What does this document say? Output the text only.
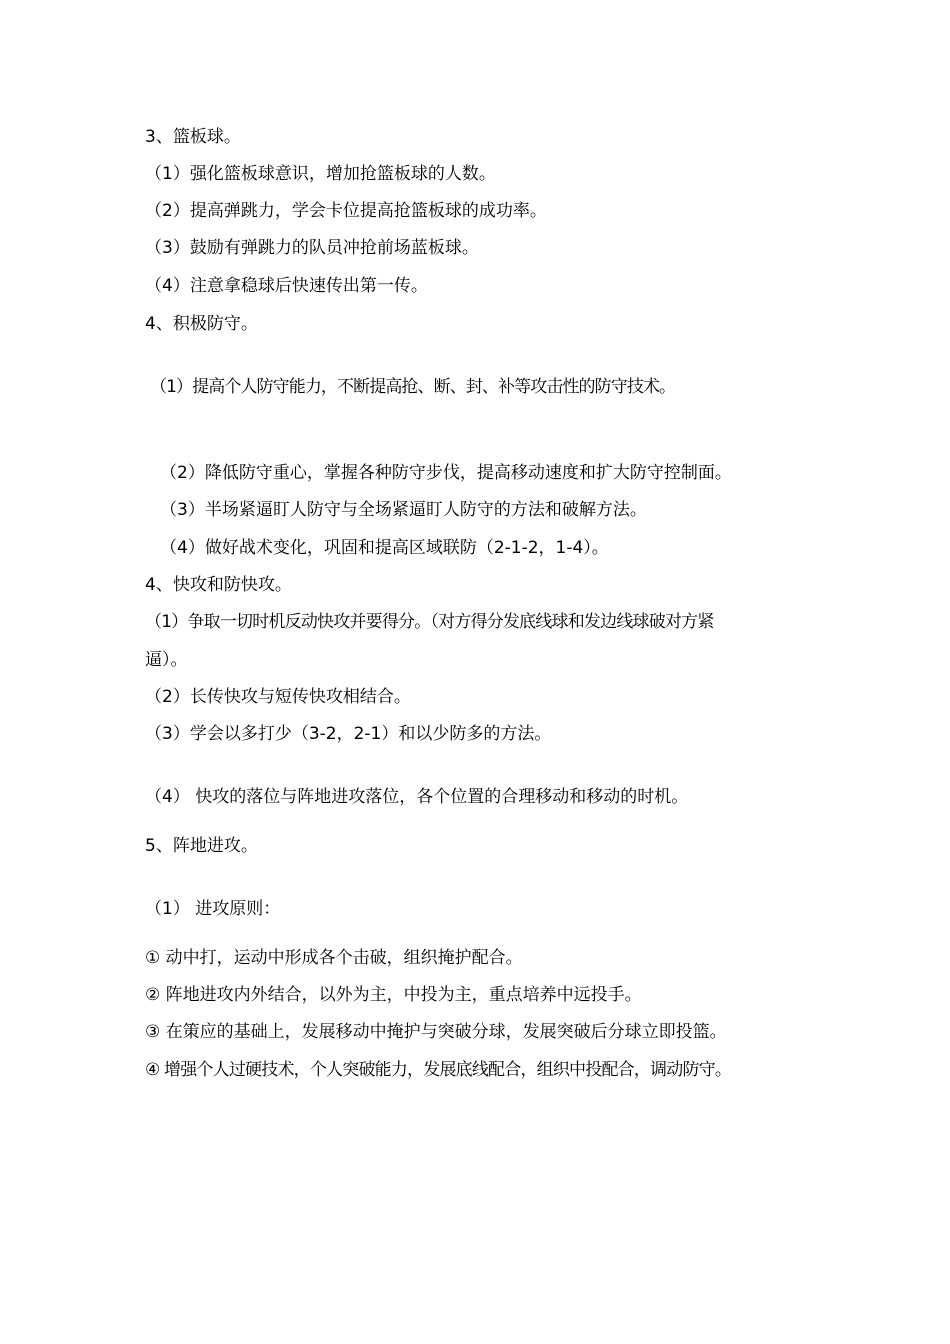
3、篮板球。
（1）强化篮板球意识，增加抢篮板球的人数。
（2）提高弹跳力，学会卡位提高抢篮板球的成功率。
（3）鼓励有弹跳力的队员冲抢前场蓝板球。
（4）注意拿稳球后快速传出第一传。
4、积极防守。
（1）提高个人防守能力，不断提高抢、断、封、补等攻击性的防守技术。
（2）降低防守重心，掌握各种防守步伐，提高移动速度和扩大防守控制面。
（3）半场紧逼盯人防守与全场紧逼盯人防守的方法和破解方法。
（4）做好战术变化，巩固和提高区域联防（2-1-2，1-4）。
4、快攻和防快攻。
（1）争取一切时机反动快攻并要得分。（对方得分发底线球和发边线球破对方紧
逼）。
（2）长传快攻与短传快攻相结合。
（3）学会以多打少（3-2，2-1）和以少防多的方法。
（4） 快攻的落位与阵地进攻落位，各个位置的合理移动和移动的时机。
5、阵地进攻。
（1） 进攻原则：
① 动中打，运动中形成各个击破，组织掩护配合。
② 阵地进攻内外结合，以外为主，中投为主，重点培养中远投手。
③ 在策应的基础上，发展移动中掩护与突破分球，发展突破后分球立即投篮。
④ 增强个人过硬技术，个人突破能力，发展底线配合，组织中投配合，调动防守。
